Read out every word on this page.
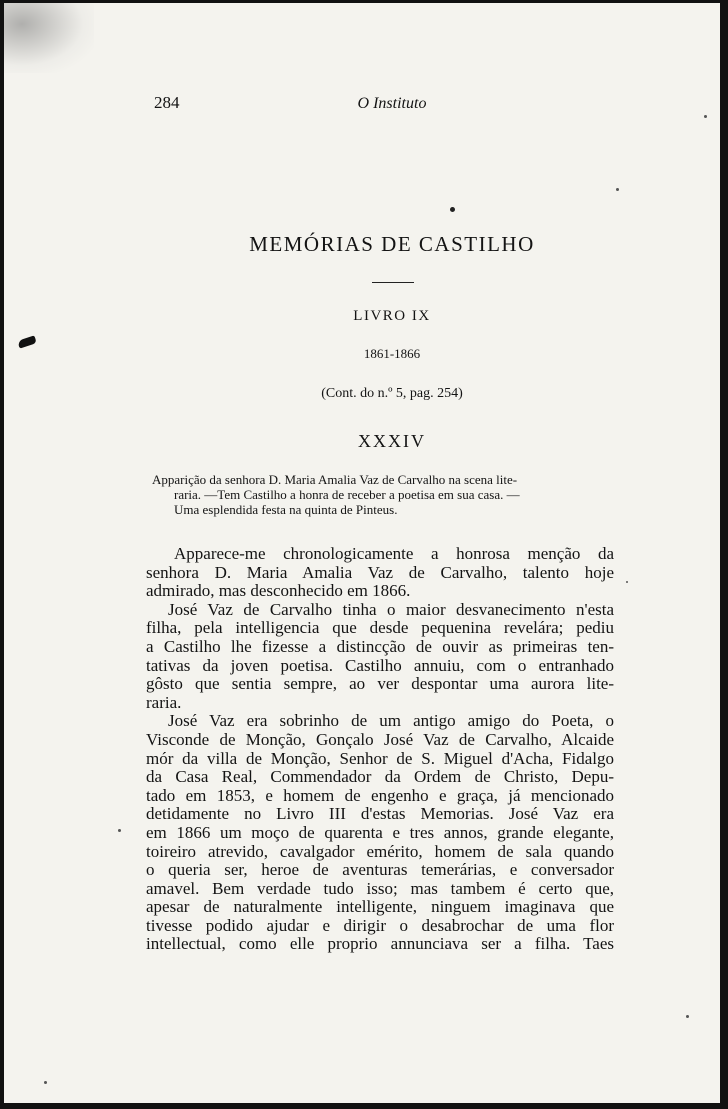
284	O Instituto
MEMÓRIAS DE CASTILHO
LIVRO IX
1861-1866
(Cont. do n.º 5, pag. 254)
XXXIV
Apparição da senhora D. Maria Amalia Vaz de Carvalho na scena lite-
raria. —Tem Castilho a honra de receber a poetisa em sua casa. —
Uma esplendida festa na quinta de Pinteus.
Apparece-me chronologicamente a honrosa menção da
senhora D. Maria Amalia Vaz de Carvalho, talento hoje
admirado, mas desconhecido em 1866.
José Vaz de Carvalho tinha o maior desvanecimento n'esta
filha, pela intelligencia que desde pequenina revelára; pediu
a Castilho lhe fizesse a distincção de ouvir as primeiras ten-
tativas da joven poetisa. Castilho annuiu, com o entranhado
gôsto que sentia sempre, ao ver despontar uma aurora lite-
raria.
José Vaz era sobrinho de um antigo amigo do Poeta, o
Visconde de Monção, Gonçalo José Vaz de Carvalho, Alcaide
mór da villa de Monção, Senhor de S. Miguel d'Acha, Fidalgo
da Casa Real, Commendador da Ordem de Christo, Depu-
tado em 1853, e homem de engenho e graça, já mencionado
detidamente no Livro III d'estas Memorias. José Vaz era
em 1866 um moço de quarenta e tres annos, grande elegante,
toireiro atrevido, cavalgador emérito, homem de sala quando
o queria ser, heroe de aventuras temerárias, e conversador
amavel. Bem verdade tudo isso; mas tambem é certo que,
apesar de naturalmente intelligente, ninguem imaginava que
tivesse podido ajudar e dirigir o desabrochar de uma flor
intellectual, como elle proprio annunciava ser a filha. Taes
